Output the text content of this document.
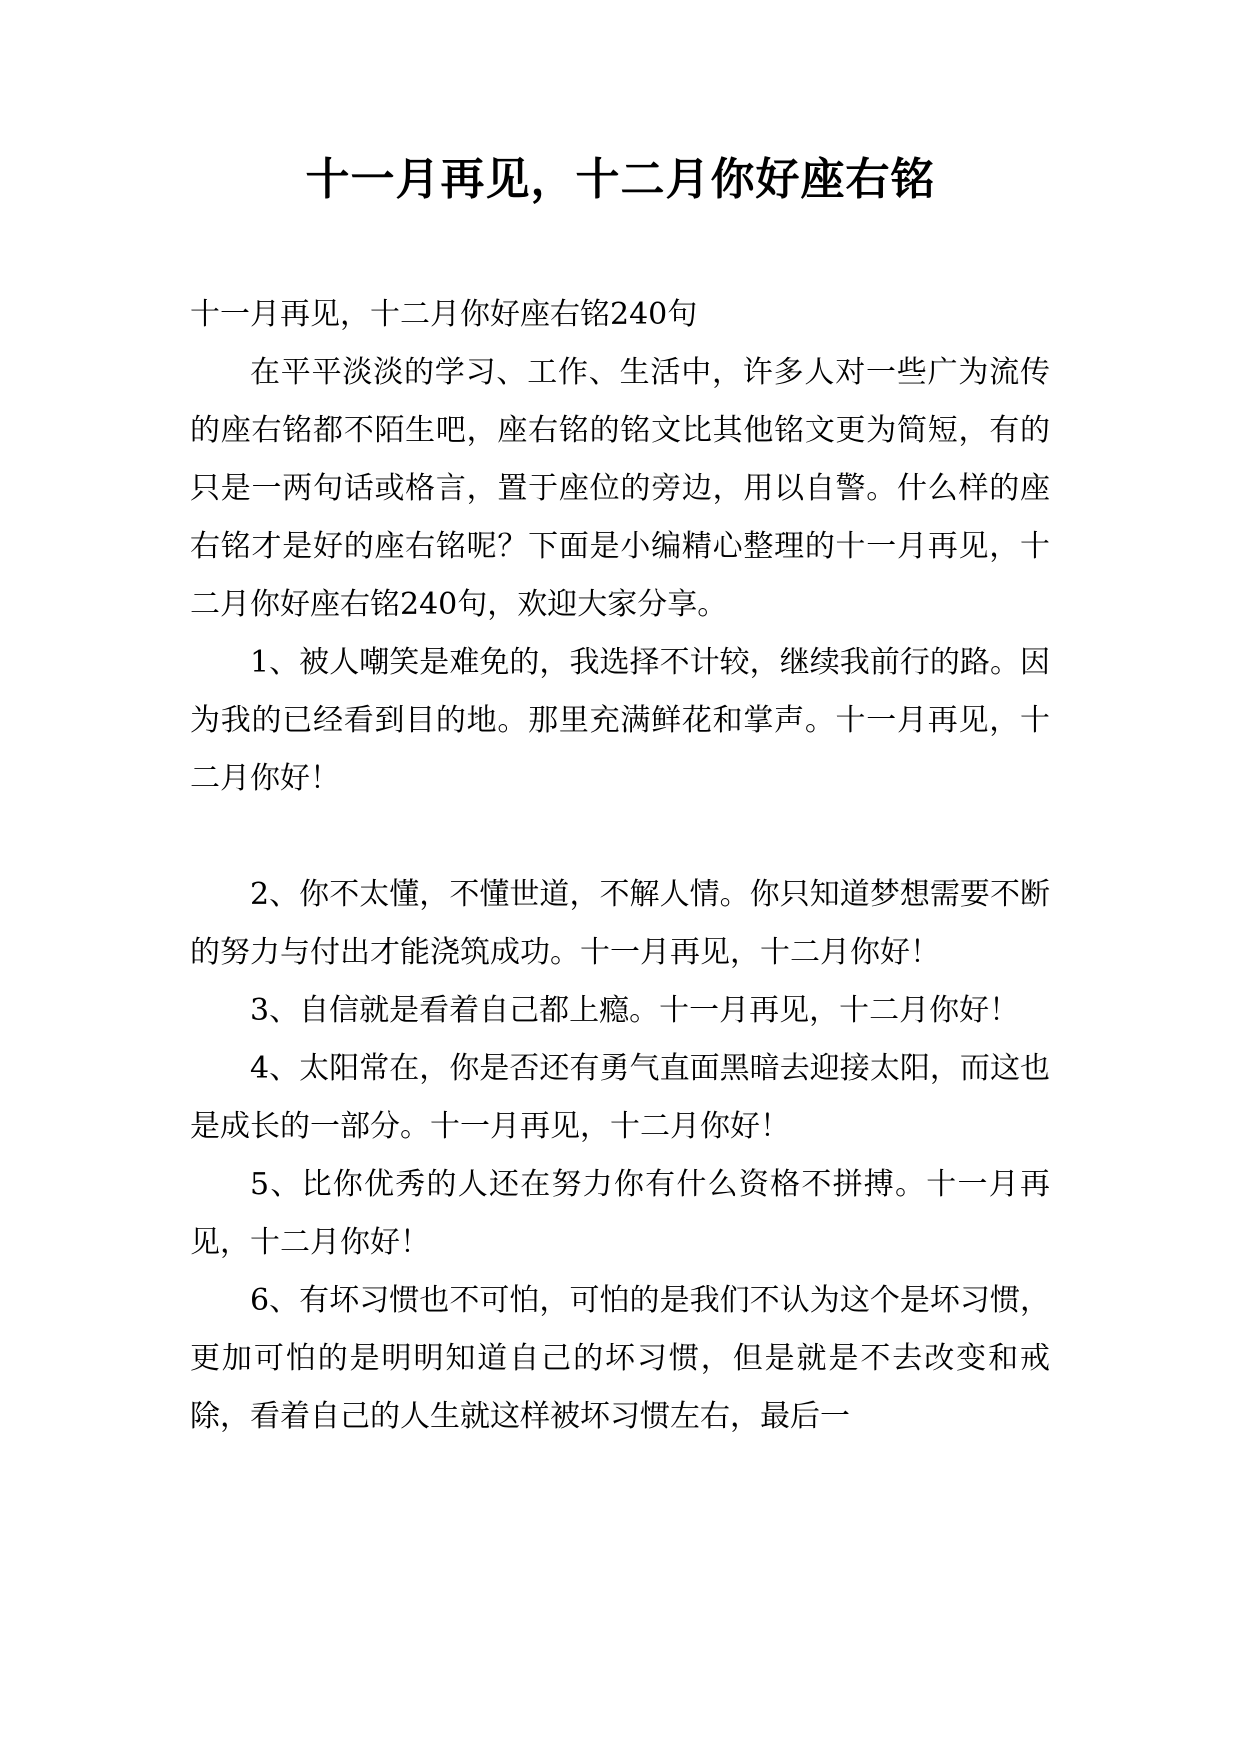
十一月再见，十二月你好座右铭

十一月再见，十二月你好座右铭240句

在平平淡淡的学习、工作、生活中，许多人对一些广为流传的座右铭都不陌生吧，座右铭的铭文比其他铭文更为简短，有的只是一两句话或格言，置于座位的旁边，用以自警。什么样的座右铭才是好的座右铭呢？下面是小编精心整理的十一月再见，十二月你好座右铭240句，欢迎大家分享。

1、被人嘲笑是难免的，我选择不计较，继续我前行的路。因为我的已经看到目的地。那里充满鲜花和掌声。十一月再见，十二月你好！

2、你不太懂，不懂世道，不解人情。你只知道梦想需要不断的努力与付出才能浇筑成功。十一月再见，十二月你好！

3、自信就是看着自己都上瘾。十一月再见，十二月你好！

4、太阳常在，你是否还有勇气直面黑暗去迎接太阳，而这也是成长的一部分。十一月再见，十二月你好！

5、比你优秀的人还在努力你有什么资格不拼搏。十一月再见，十二月你好！

6、有坏习惯也不可怕，可怕的是我们不认为这个是坏习惯，更加可怕的是明明知道自己的坏习惯，但是就是不去改变和戒除，看着自己的人生就这样被坏习惯左右，最后一
